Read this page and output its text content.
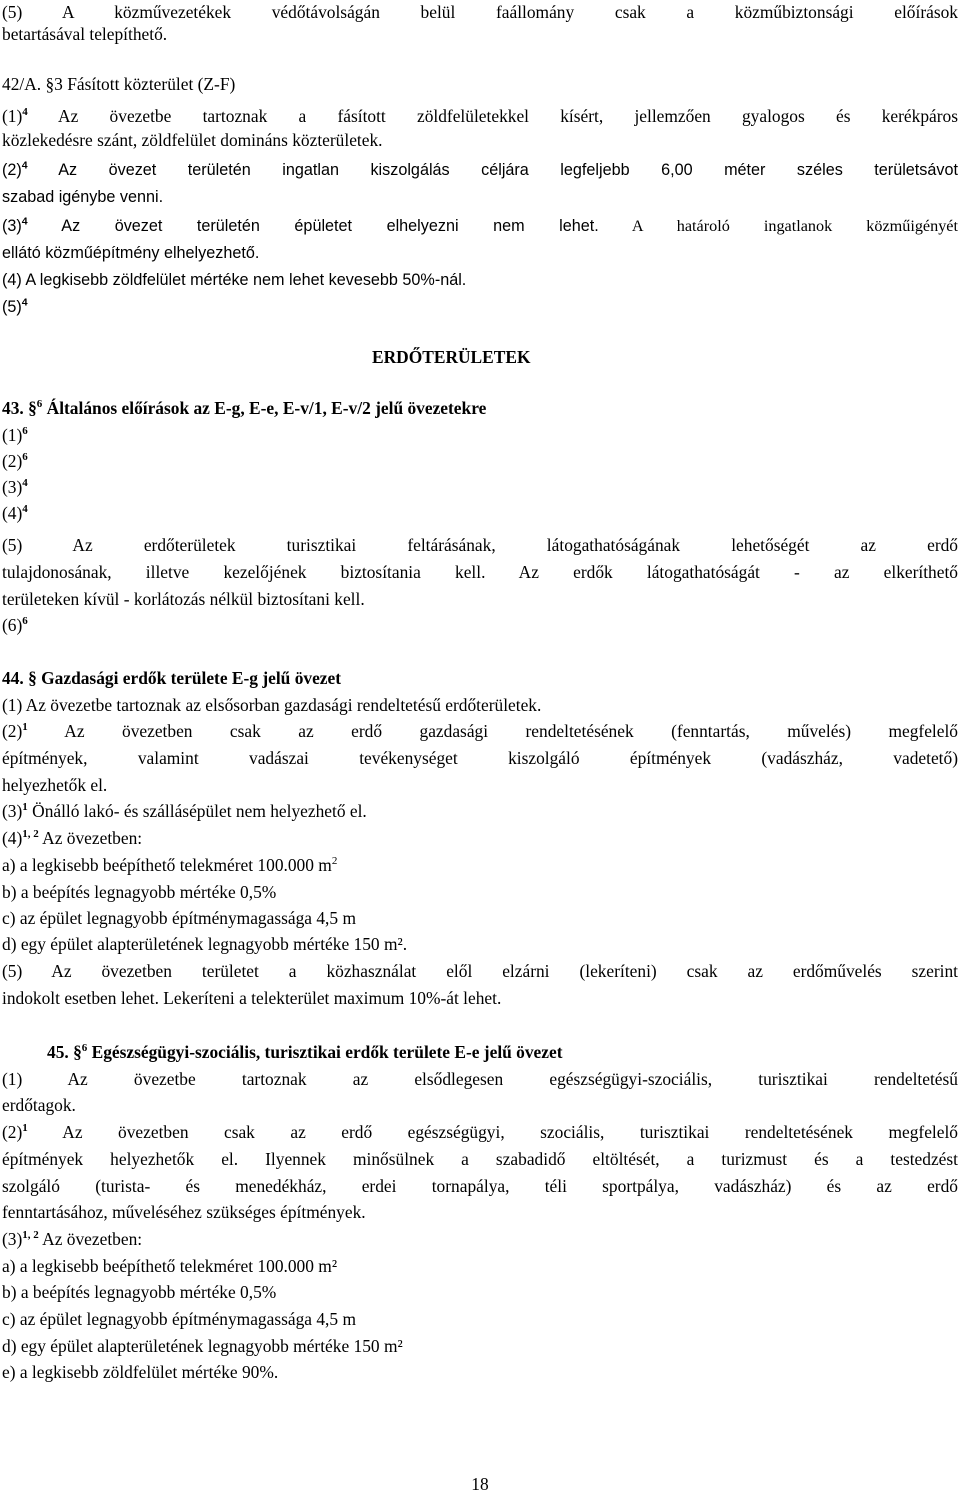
(5) A közművezetékek védőtávolságán belül faállomány csak a közműbiztonsági előírások

betartásával telepíthető.

42/A. §3 Fásított közterület (Z-F)

$(1)^4$ Az övezetbe tartoznak a fásított zöldfelületekkel kísért, jellemzően gyalogos és kerékpáros

közlekedésre szánt, zöldfelület domináns közterületek.

$(2)^4$ Az övezet területén ingatlan kiszolgálás céljára legfeljebb 6,00 méter széles területsávot

szabad igénybe venni.

$(3)^4$ Az övezet területén épületet elhelyezni nem lehet. A határoló ingatlanok közműigényét

ellátó közműépítmény elhelyezhető.

(4) A legkisebb zöldfelület mértéke nem lehet kevesebb 50%-nál.

$(5)^4$

ERDŐTERÜLETEK

43. §$^6$ Általános előírások az E-g, E-e, E-v/1, E-v/2 jelű övezetekre

$(1)^6$

$(2)^6$

$(3)^4$

$(4)^4$

(5) Az erdőterületek turisztikai feltárásának, látogathatóságának lehetőségét az erdő

tulajdonosának, illetve kezelőjének biztosítania kell. Az erdők látogathatóságát - az elkeríthető

területeken kívül - korlátozás nélkül biztosítani kell.

$(6)^6$

44. § Gazdasági erdők területe E-g jelű övezet

(1) Az övezetbe tartoznak az elsősorban gazdasági rendeltetésű erdőterületek.

$(2)^1$ Az övezetben csak az erdő gazdasági rendeltetésének (fenntartás, művelés) megfelelő

építmények, valamint vadászai tevékenységet kiszolgáló építmények (vadászház, vadetető)

helyezhetők el.

$(3)^1$ Önálló lakó- és szállásépület nem helyezhető el.

$(4)^{1, 2}$ Az övezetben:

a) a legkisebb beépíthető telekméret 100.000 $m^2$

b) a beépítés legnagyobb mértéke 0,5%

c) az épület legnagyobb építménymagassága 4,5 m

d) egy épület alapterületének legnagyobb mértéke 150 m².

(5) Az övezetben területet a közhasználat elől elzárni (lekeríteni) csak az erdőművelés szerint

indokolt esetben lehet. Lekeríteni a telekterület maximum 10%-át lehet.

45. §$^6$ Egészségügyi-szociális, turisztikai erdők területe E-e jelű övezet

(1) Az övezetbe tartoznak az elsődlegesen egészségügyi-szociális, turisztikai rendeltetésű

erdőtagok.

$(2)^1$ Az övezetben csak az erdő egészségügyi, szociális, turisztikai rendeltetésének megfelelő

építmények helyezhetők el. Ilyennek minősülnek a szabadidő eltöltését, a turizmust és a testedzést

szolgáló (turista- és menedékház, erdei tornapálya, téli sportpálya, vadászház) és az erdő

fenntartásához, műveléséhez szükséges építmények.

$(3)^{1, 2}$ Az övezetben:

a) a legkisebb beépíthető telekméret 100.000 m²

b) a beépítés legnagyobb mértéke 0,5%

c) az épület legnagyobb építménymagassága 4,5 m

d) egy épület alapterületének legnagyobb mértéke 150 m²

e) a legkisebb zöldfelület mértéke 90%.

18
